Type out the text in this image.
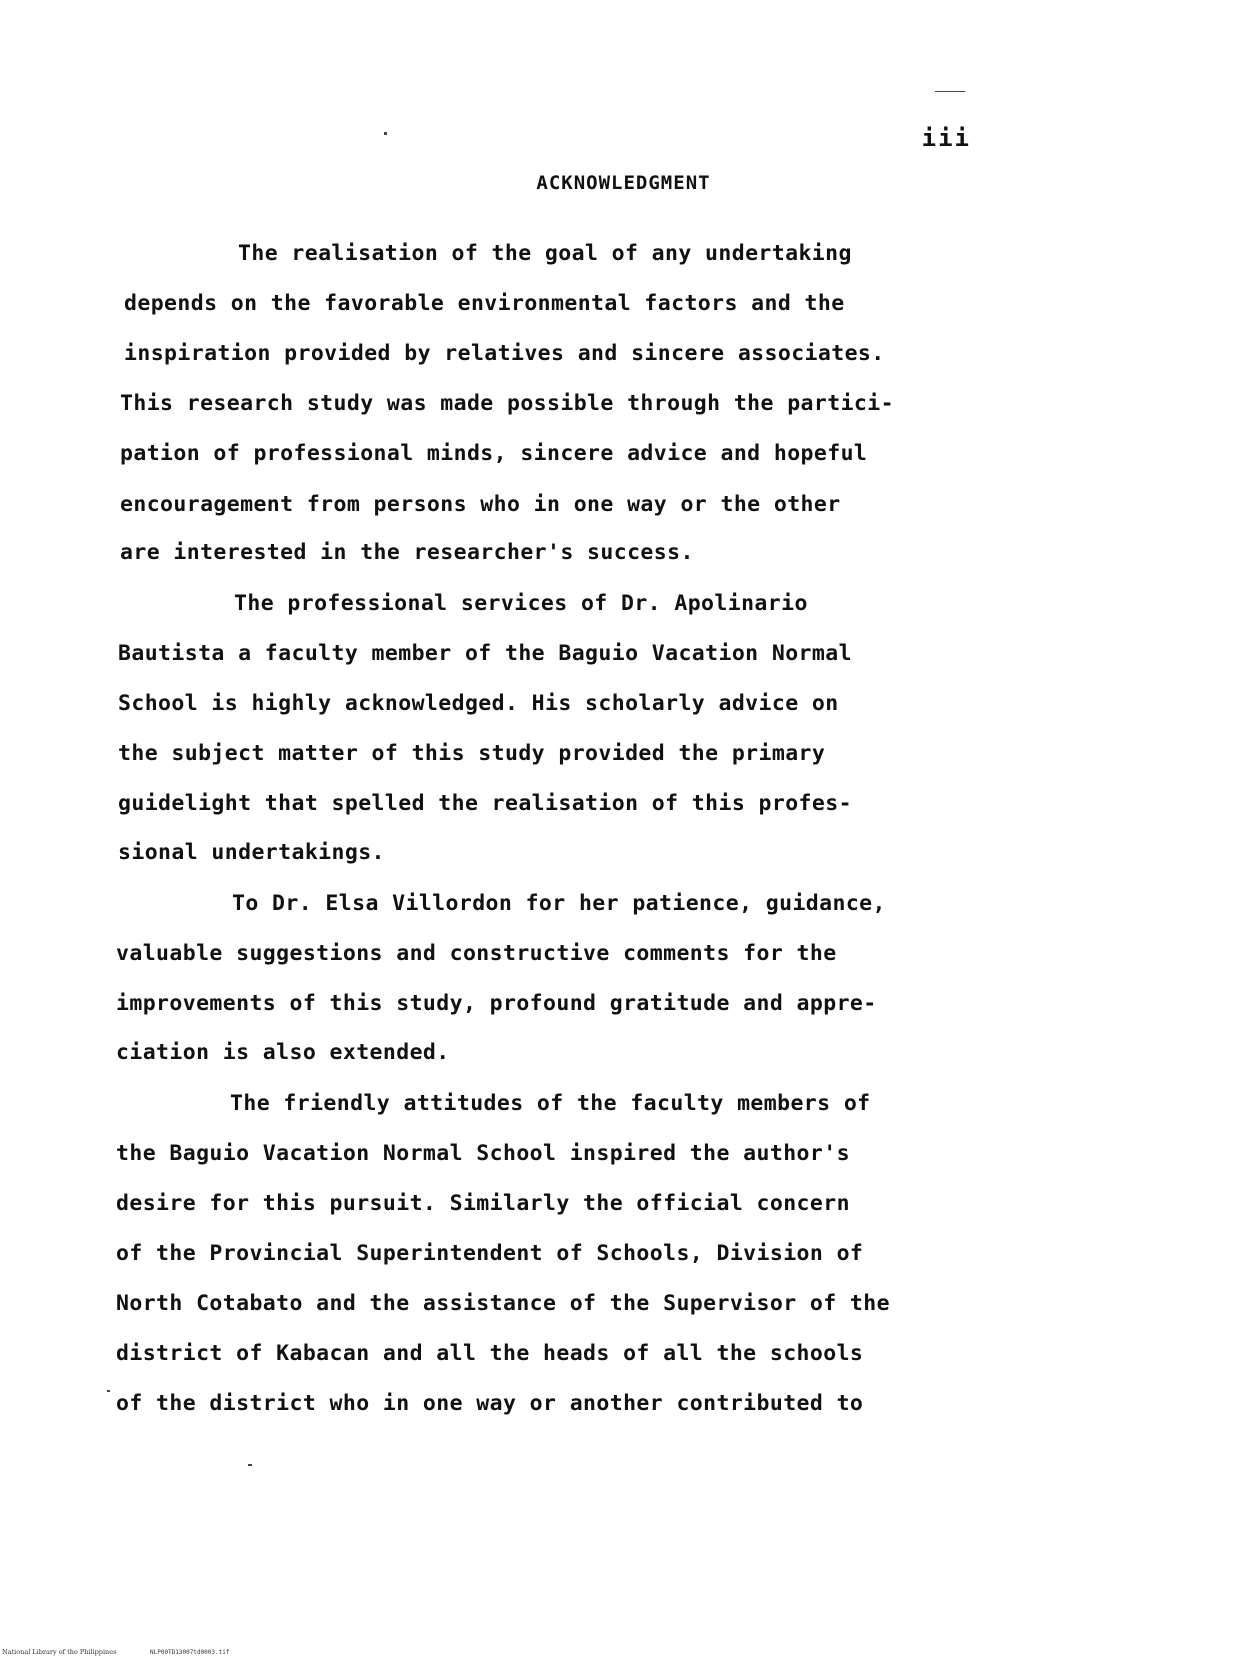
iii
ACKNOWLEDGMENT
The realisation of the goal of any undertaking
depends on the favorable environmental factors and the
inspiration provided by relatives and sincere associates.
This research study was made possible through the partici-
pation of professional minds, sincere advice and hopeful
encouragement from persons who in one way or the other
are interested in the researcher's success.
The professional services of Dr. Apolinario
Bautista a faculty member of the Baguio Vacation Normal
School is highly acknowledged. His scholarly advice on
the subject matter of this study provided the primary
guidelight that spelled the realisation of this profes-
sional undertakings.
To Dr. Elsa Villordon for her patience, guidance,
valuable suggestions and constructive comments for the
improvements of this study, profound gratitude and appre-
ciation is also extended.
The friendly attitudes of the faculty members of
the Baguio Vacation Normal School inspired the author's
desire for this pursuit. Similarly the official concern
of the Provincial Superintendent of Schools, Division of
North Cotabato and the assistance of the Supervisor of the
district of Kabacan and all the heads of all the schools
of the district who in one way or another contributed to
National Library of the Philippines	NLP00TD13007td0003.tif
